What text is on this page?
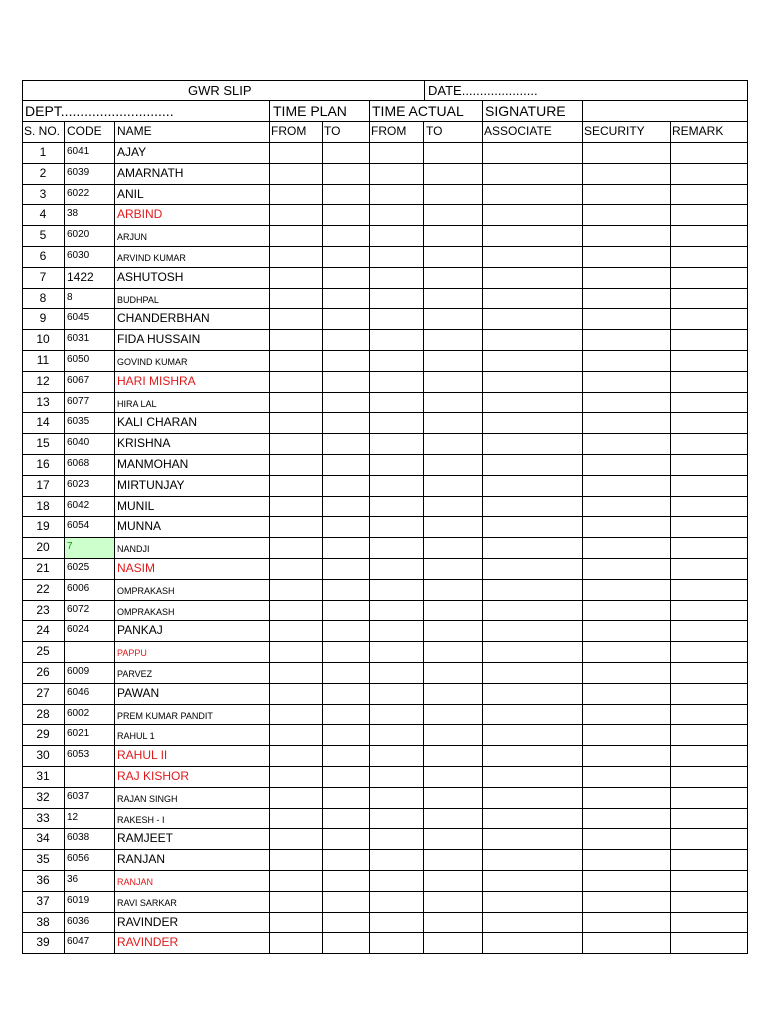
GWR SLIP	DATE.....................
DEPT.............................	TIME PLAN TIME ACTUAL SIGNATURE
S. NO. CODE NAME	FROM TO	FROM TO	ASSOCIATE	SECURITY REMARK
1	6041 AJAY
2	6039 AMARNATH
3	6022 ANIL
4	38	ARBIND
5	6020	ARJUN
6	6030	ARVIND KUMAR
7	1422 ASHUTOSH
8	8	BUDHPAL
9	6045 CHANDERBHAN
10	6031 FIDA HUSSAIN
11	6050	GOVIND KUMAR
12	6067 HARI MISHRA
13	6077	HIRA LAL
14	6035 KALI CHARAN
15	6040 KRISHNA
16	6068 MANMOHAN
17	6023 MIRTUNJAY
18	6042 MUNIL
19	6054 MUNNA
20	7	NANDJI
21	6025 NASIM
22	6006	OMPRAKASH
23	6072	OMPRAKASH
24	6024 PANKAJ
25	PAPPU
26	6009	PARVEZ
27	6046 PAWAN
28	6002	PREM KUMAR PANDIT
29	6021	RAHUL 1
30	6053 RAHUL II
31	RAJ KISHOR
32	6037	RAJAN SINGH
33	12	RAKESH - I
34	6038 RAMJEET
35	6056 RANJAN
36	36	RANJAN
37	6019	RAVI SARKAR
38	6036 RAVINDER
39	6047 RAVINDER
